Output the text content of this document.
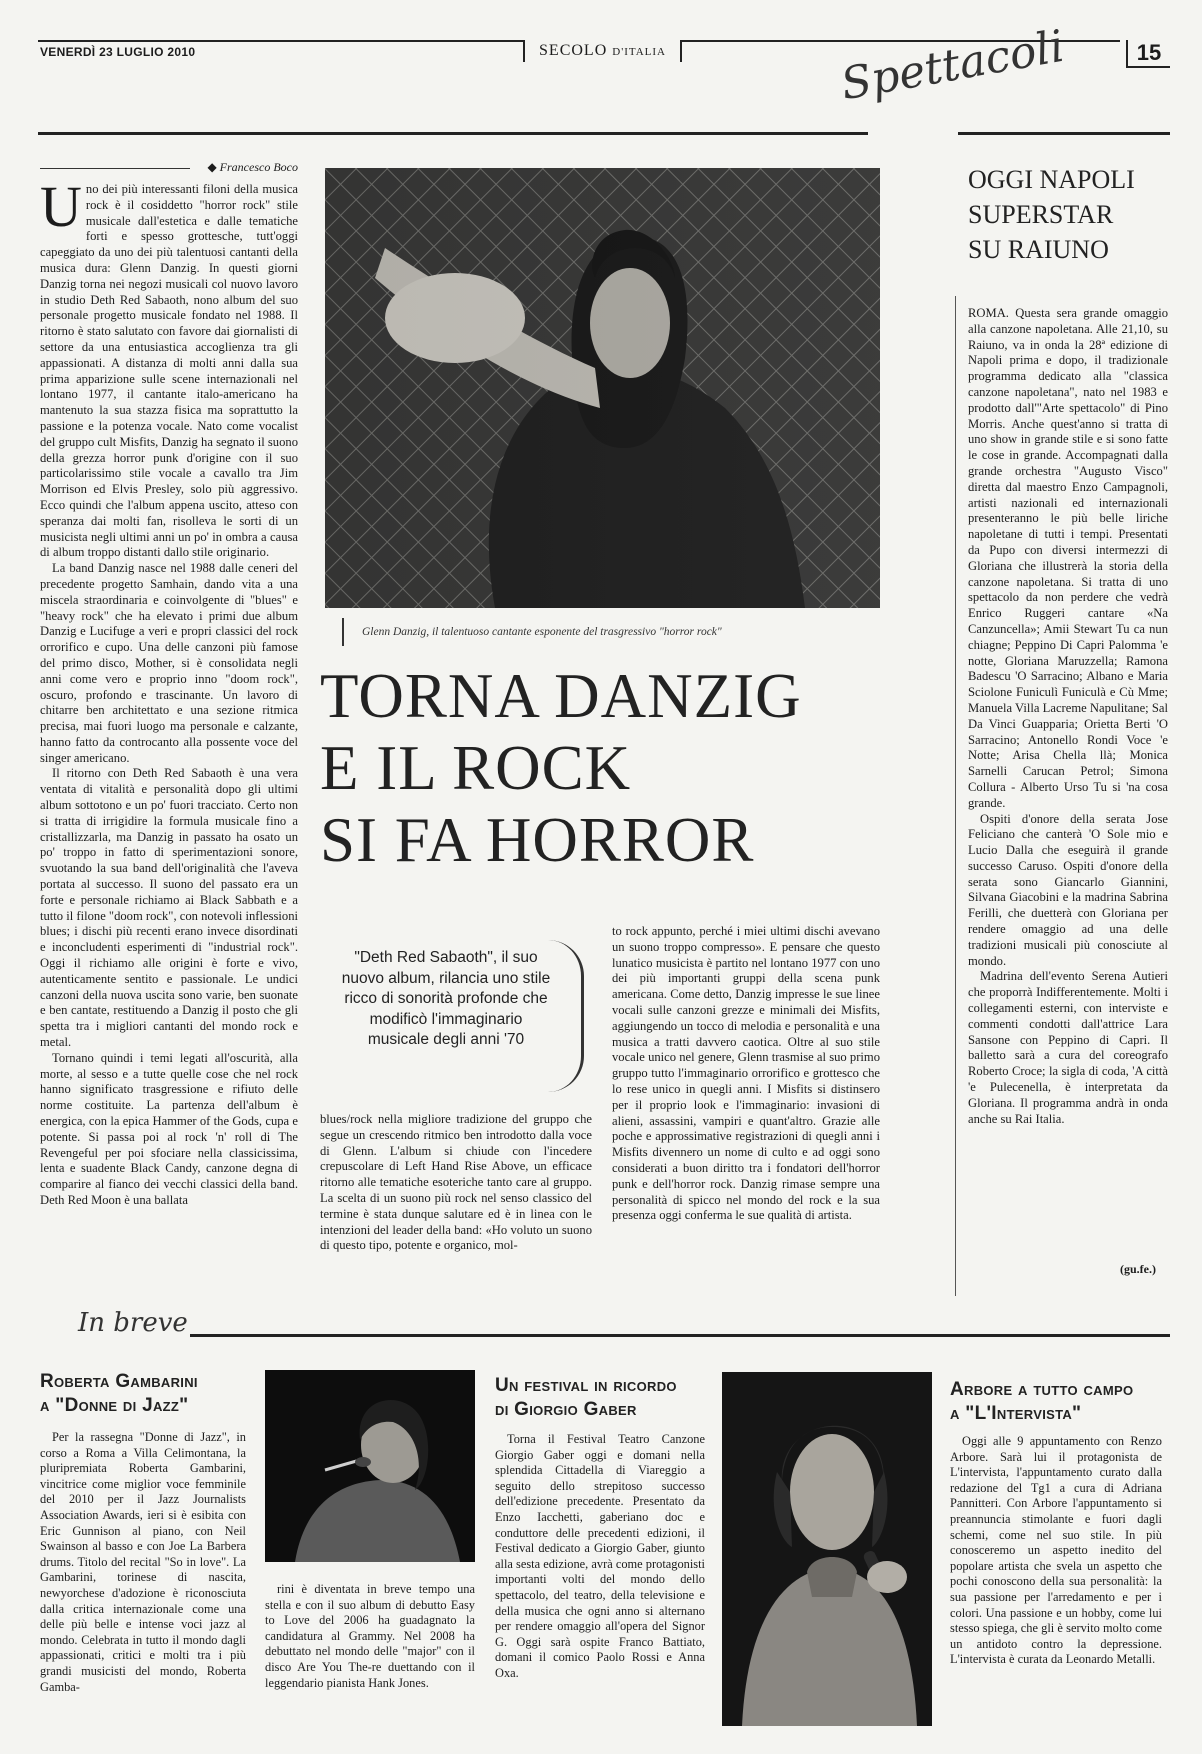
VENERDÌ 23 LUGLIO 2010	SECOLO D'ITALIA	Spettacoli	15
◆ Francesco Boco

Uno dei più interessanti filoni della musica rock è il cosiddetto "horror rock" stile musicale dall'estetica e dalle tematiche forti e spesso grottesche, tutt'oggi capeggiato da uno dei più talentuosi cantanti della musica dura: Glenn Danzig. In questi giorni Danzig torna nei negozi musicali col nuovo lavoro in studio Deth Red Sabaoth, nono album del suo personale progetto musicale fondato nel 1988. Il ritorno è stato salutato con favore dai giornalisti di settore da una entusiastica accoglienza tra gli appassionati. A distanza di molti anni dalla sua prima apparizione sulle scene internazionali nel lontano 1977, il cantante italo-americano ha mantenuto la sua stazza fisica ma soprattutto la passione e la potenza vocale. Nato come vocalist del gruppo cult Misfits, Danzig ha segnato il suono della grezza horror punk d'origine con il suo particolarissimo stile vocale a cavallo tra Jim Morrison ed Elvis Presley, solo più aggressivo. Ecco quindi che l'album appena uscito, atteso con speranza dai molti fan, risolleva le sorti di un musicista negli ultimi anni un po' in ombra a causa di album troppo distanti dallo stile originario.

La band Danzig nasce nel 1988 dalle ceneri del precedente progetto Samhain, dando vita a una miscela straordinaria e coinvolgente di "blues" e "heavy rock" che ha elevato i primi due album Danzig e Lucifuge a veri e propri classici del rock orrorifico e cupo. Una delle canzoni più famose del primo disco, Mother, si è consolidata negli anni come vero e proprio inno "doom rock", oscuro, profondo e trascinante. Un lavoro di chitarre ben architettato e una sezione ritmica precisa, mai fuori luogo ma personale e calzante, hanno fatto da controcanto alla possente voce del singer americano.

Il ritorno con Deth Red Sabaoth è una vera ventata di vitalità e personalità dopo gli ultimi album sottotono e un po' fuori tracciato. Certo non si tratta di irrigidire la formula musicale fino a cristallizzarla, ma Danzig in passato ha osato un po' troppo in fatto di sperimentazioni sonore, svuotando la sua band dell'originalità che l'aveva portata al successo. Il suono del passato era un forte e personale richiamo ai Black Sabbath e a tutto il filone "doom rock", con notevoli inflessioni blues; i dischi più recenti erano invece disordinati e inconcludenti esperimenti di "industrial rock". Oggi il richiamo alle origini è forte e vivo, autenticamente sentito e passionale. Le undici canzoni della nuova uscita sono varie, ben suonate e ben cantate, restituendo a Danzig il posto che gli spetta tra i migliori cantanti del mondo rock e metal.

Tornano quindi i temi legati all'oscurità, alla morte, al sesso e a tutte quelle cose che nel rock hanno significato trasgressione e rifiuto delle norme costituite. La partenza dell'album è energica, con la epica Hammer of the Gods, cupa e potente. Si passa poi al rock 'n' roll di The Revengeful per poi sfociare nella classicissima, lenta e suadente Black Candy, canzone degna di comparire al fianco dei vecchi classici della band. Deth Red Moon è una ballata

Glenn Danzig, il talentuoso cantante esponente del trasgressivo "horror rock"
TORNA DANZIG
E IL ROCK
SI FA HORROR
"Deth Red Sabaoth", il suo nuovo album, rilancia uno stile ricco di sonorità profonde che modificò l'immaginario musicale degli anni '70

blues/rock nella migliore tradizione del gruppo che segue un crescendo ritmico ben introdotto dalla voce di Glenn. L'album si chiude con l'incedere crepuscolare di Left Hand Rise Above, un efficace ritorno alle tematiche esoteriche tanto care al gruppo. La scelta di un suono più rock nel senso classico del termine è stata dunque salutare ed è in linea con le intenzioni del leader della band: «Ho voluto un suono di questo tipo, potente e organico, mol-

to rock appunto, perché i miei ultimi dischi avevano un suono troppo compresso». E pensare che questo lunatico musicista è partito nel lontano 1977 con uno dei più importanti gruppi della scena punk americana. Come detto, Danzig impresse le sue linee vocali sulle canzoni grezze e minimali dei Misfits, aggiungendo un tocco di melodia e personalità e una musica a tratti davvero caotica. Oltre al suo stile vocale unico nel genere, Glenn trasmise al suo primo gruppo tutto l'immaginario orrorifico e grottesco che lo rese unico in quegli anni. I Misfits si distinsero per il proprio look e l'immaginario: invasioni di alieni, assassini, vampiri e quant'altro. Grazie alle poche e approssimative registrazioni di quegli anni i Misfits divennero un nome di culto e ad oggi sono considerati a buon diritto tra i fondatori dell'horror punk e dell'horror rock. Danzig rimase sempre una personalità di spicco nel mondo del rock e la sua presenza oggi conferma le sue qualità di artista.

OGGI NAPOLI
SUPERSTAR
SU RAIUNO

ROMA. Questa sera grande omaggio alla canzone napoletana. Alle 21,10, su Raiuno, va in onda la 28ª edizione di Napoli prima e dopo, il tradizionale programma dedicato alla "classica canzone napoletana", nato nel 1983 e prodotto dall'"Arte spettacolo" di Pino Morris. Anche quest'anno si tratta di uno show in grande stile e si sono fatte le cose in grande. Accompagnati dalla grande orchestra "Augusto Visco" diretta dal maestro Enzo Campagnoli, artisti nazionali ed internazionali presenteranno le più belle liriche napoletane di tutti i tempi. Presentati da Pupo con diversi intermezzi di Gloriana che illustrerà la storia della canzone napoletana. Si tratta di uno spettacolo da non perdere che vedrà Enrico Ruggeri cantare «Na Canzuncella»; Amii Stewart Tu ca nun chiagne; Peppino Di Capri Palomma 'e notte, Gloriana Maruzzella; Ramona Badescu 'O Sarracino; Albano e Maria Sciolone Funiculì Funiculà e Cù Mme; Manuela Villa Lacreme Napulitane; Sal Da Vinci Guapparia; Orietta Berti 'O Sarracino; Antonello Rondi Voce 'e Notte; Arisa Chella llà; Monica Sarnelli Carucan Petrol; Simona Collura - Alberto Urso Tu si 'na cosa grande.

Ospiti d'onore della serata Jose Feliciano che canterà 'O Sole mio e Lucio Dalla che eseguirà il grande successo Caruso. Ospiti d'onore della serata sono Giancarlo Giannini, Silvana Giacobini e la madrina Sabrina Ferilli, che duetterà con Gloriana per rendere omaggio ad una delle tradizioni musicali più conosciute al mondo.

Madrina dell'evento Serena Autieri che proporrà Indifferentemente. Molti i collegamenti esterni, con interviste e commenti condotti dall'attrice Lara Sansone con Peppino di Capri. Il balletto sarà a cura del coreografo Roberto Croce; la sigla di coda, 'A città 'e Pulecenella, è interpretata da Gloriana. Il programma andrà in onda anche su Rai Italia.

(gu.fe.)
In breve
Roberta Gambarini
a "Donne di Jazz"

Per la rassegna "Donne di Jazz", in corso a Roma a Villa Celimontana, la pluripremiata Roberta Gambarini, vincitrice come miglior voce femminile del 2010 per il Jazz Journalists Association Awards, ieri si è esibita con Eric Gunnison al piano, con Neil Swainson al basso e con Joe La Barbera drums. Titolo del recital "So in love". La Gambarini, torinese di nascita, newyorchese d'adozione è riconosciuta dalla critica internazionale come una delle più belle e intense voci jazz al mondo. Celebrata in tutto il mondo dagli appassionati, critici e molti tra i più grandi musicisti del mondo, Roberta Gamba-

rini è diventata in breve tempo una stella e con il suo album di debutto Easy to Love del 2006 ha guadagnato la candidatura al Grammy. Nel 2008 ha debuttato nel mondo delle "major" con il disco Are You The-re duettando con il leggendario pianista Hank Jones.

Un festival in ricordo
di Giorgio Gaber

Torna il Festival Teatro Canzone Giorgio Gaber oggi e domani nella splendida Cittadella di Viareggio a seguito dello strepitoso successo dell'edizione precedente. Presentato da Enzo Iacchetti, gaberiano doc e conduttore delle precedenti edizioni, il Festival dedicato a Giorgio Gaber, giunto alla sesta edizione, avrà come protagonisti importanti volti del mondo dello spettacolo, del teatro, della televisione e della musica che ogni anno si alternano per rendere omaggio all'opera del Signor G. Oggi sarà ospite Franco Battiato, domani il comico Paolo Rossi e Anna Oxa.

Arbore a tutto campo
a "L'Intervista"

Oggi alle 9 appuntamento con Renzo Arbore. Sarà lui il protagonista de L'intervista, l'appuntamento curato dalla redazione del Tg1 a cura di Adriana Pannitteri. Con Arbore l'appuntamento si preannuncia stimolante e fuori dagli schemi, come nel suo stile. In più conosceremo un aspetto inedito del popolare artista che svela un aspetto che pochi conoscono della sua personalità: la sua passione per l'arredamento e per i colori. Una passione e un hobby, come lui stesso spiega, che gli è servito molto come un antidoto contro la depressione. L'intervista è curata da Leonardo Metalli.
